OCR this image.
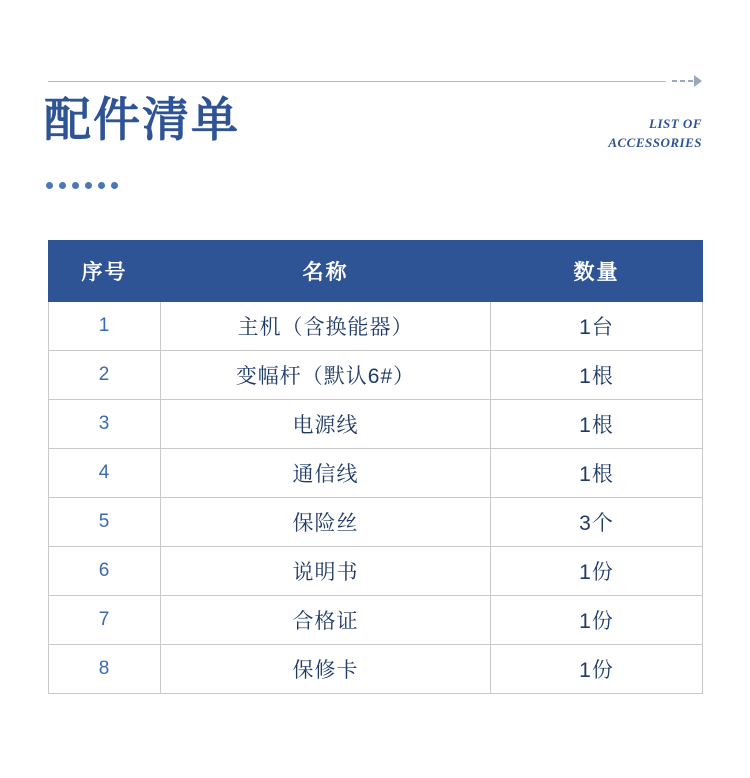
配件清单	LIST OF
ACCESSORIES
序号	名称	数量
1	主机（含换能器）	1台
2	变幅杆（默认6#）	1根
3	电源线	1根
4	通信线	1根
5	保险丝	3个
6	说明书	1份
7	合格证	1份
8	保修卡	1份
